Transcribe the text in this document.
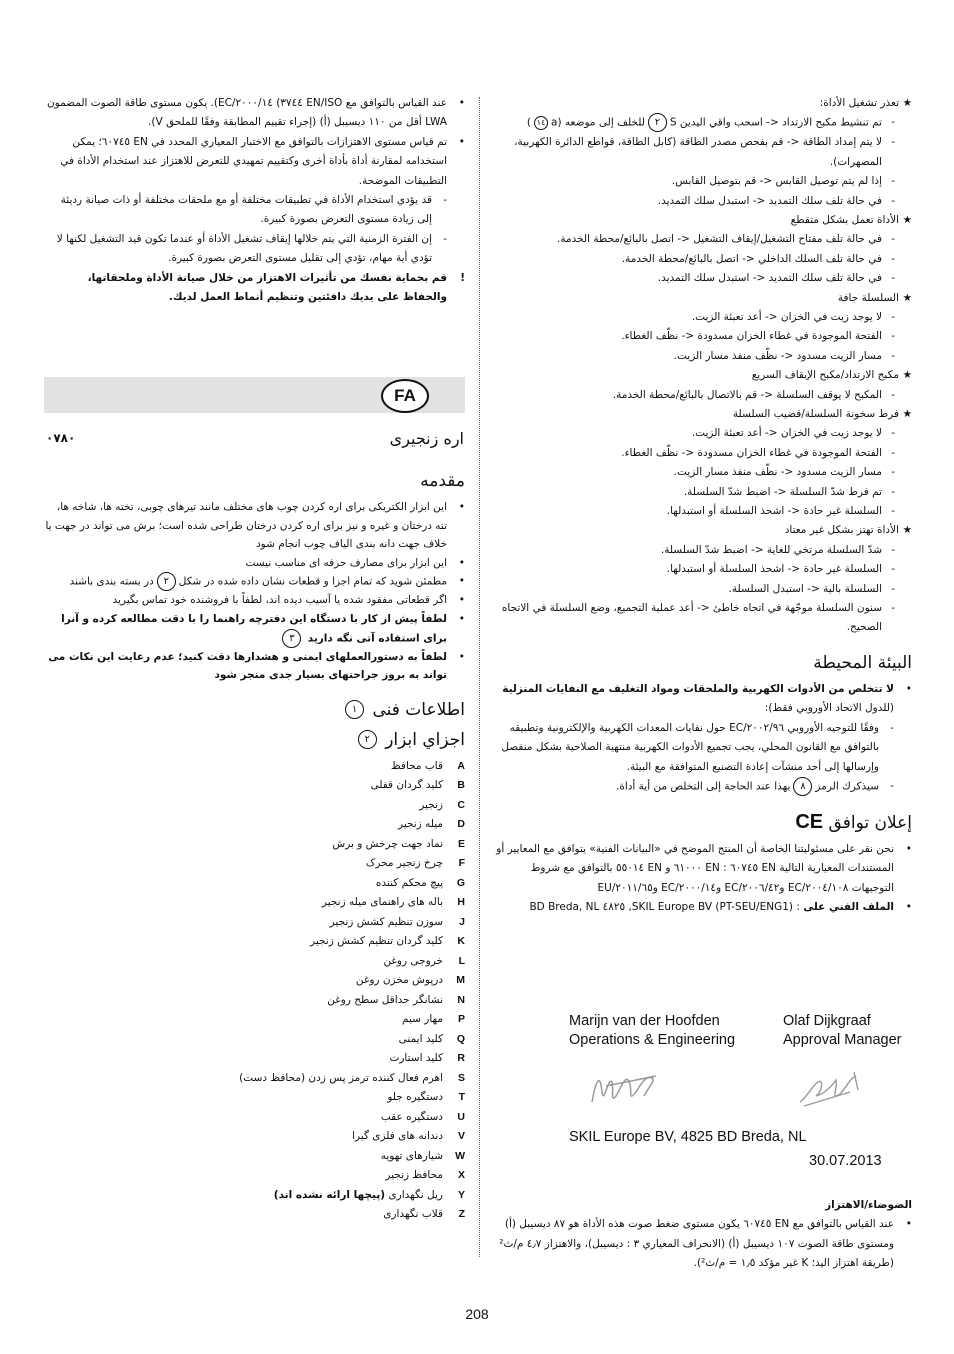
★
تعذر تشغيل الأداة:
-
تم تنشيط مكبح الارتداد <- اسحب واقي اليدين S٢للخلف إلى موضعه (a١٤)
-
لا يتم إمداد الطاقة <- قم بفحص مصدر الطاقة (كابل الطاقة، قواطع الدائرة الكهربية، المصهرات).
-
إذا لم يتم توصيل القابس <- قم بتوصيل القابس.
-
في حالة تلف سلك التمديد <- استبدل سلك التمديد.
★
الأداة تعمل بشكل متقطع
-
في حالة تلف مفتاح التشغيل/إيقاف التشغيل <- اتصل بالبائع/محطة الخدمة.
-
في حالة تلف السلك الداخلي <- اتصل بالبائع/محطة الخدمة.
-
في حالة تلف سلك التمديد <- استبدل سلك التمديد.
★
السلسلة جافة
-
لا يوجد زيت في الخزان <- أعد تعبئة الزيت.
-
الفتحة الموجودة في غطاء الخزان مسدودة <- نظّف الغطاء.
-
مسار الزيت مسدود <- نظّف منفذ مسار الزيت.
★
مكبح الارتداد/مكبح الإيقاف السريع
-
المكبح لا يوقف السلسلة <- قم بالاتصال بالبائع/محطة الخدمة.
★
فرط سخونة السلسلة/قضيب السلسلة
-
لا يوجد زيت في الخزان <- أعد تعبئة الزيت.
-
الفتحة الموجودة في غطاء الخزان مسدودة <- نظّف الغطاء.
-
مسار الزيت مسدود <- نظّف منفذ مسار الزيت.
-
تم فرط شدّ السلسلة <- اضبط شدّ السلسلة.
-
السلسلة غير حادة <- اشحذ السلسلة أو استبدلها.
★
الأداة تهتز بشكل غير معتاد
-
شدّ السلسلة مرتخي للغاية <- اضبط شدّ السلسلة.
-
السلسلة غير حادة <- اشحذ السلسلة أو استبدلها.
-
السلسلة بالية <- استبدل السلسلة.
-
سنون السلسلة موجّهة في اتجاه خاطئ <- أعد عملية التجميع، وضع السلسلة في الاتجاه الصحيح.
البيئة المحيطة
•
لا تتخلص من الأدوات الكهربية والملحقات ومواد التغليف مع النفايات المنزلية (للدول الاتحاد الأوروبي فقط):
-
وفقًا للتوجيه الأوروبي ٢٠٠٢/٩٦/EC حول نفايات المعدات الكهربية والإلكترونية وتطبيقه بالتوافق مع القانون المحلي، يجب تجميع الأدوات الكهربية منتهية الصلاحية بشكل منفصل وإرسالها إلى أحد منشآت إعادة التصنيع المتوافقة مع البيئة.
-
سيذكرك الرمز٨بهذا عند الحاجة إلى التخلص من أية أداة.
إعلان توافق CE
•
نحن نقر على مسئوليتنا الخاصة أن المنتج الموضح في «البيانات الفنية» يتوافق مع المعايير أو المستندات المعيارية التالية EN ٦٠٧٤٥ : EN ٦١٠٠٠ و EN ٥٥٠١٤ بالتوافق مع شروط التوجيهات ٢٠٠٤/١٠٨/EC و٢٠٠٦/٤٢/EC و٢٠٠٠/١٤/EC و٢٠١١/٦٥/EU
•
الملف الفني على : SKIL Europe BV (PT-SEU/ENG1), ٤٨٢٥ BD Breda, NL
Marijn van der Hoofden
Operations & Engineering
Olaf Dijkgraaf
Approval Manager
SKIL Europe BV, 4825 BD Breda, NL
30.07.2013
الضوضاء/الاهتزاز
•
عند القياس بالتوافق مع EN ٦٠٧٤٥ يكون مستوى ضغط صوت هذه الأداة هو ٨٧ ديسيبل (أ) ومستوى طاقة الصوت ١٠٧ ديسيبل (أ) (الانحراف المعياري ٣ : ديسيبل)، والاهتزاز ٤٫٧ م/ث² (طريقة اهتزاز اليد؛ K غير مؤكد ١٫٥ = م/ث²).
•
عند القياس بالتوافق مع EN/ISO ٣٧٤٤) ٢٠٠٠/١٤/EC). يكون مستوى طاقة الصوت المضمون LWA أقل من ١١٠ ديسيبل (أ) (إجراء تقييم المطابقة وفقًا للملحق V).
•
تم قياس مستوى الاهتزازات بالتوافق مع الاختبار المعياري المحدد في EN ٦٠٧٤٥؛ يمكن استخدامه لمقارنة أداة بأداة أخرى وكتقييم تمهيدي للتعرض للاهتزاز عند استخدام الأداة في التطبيقات الموضحة.
-
قد يؤدي استخدام الأداة في تطبيقات مختلفة أو مع ملحقات مختلفة أو ذات صيانة رديئة إلى زيادة مستوى التعرض بصورة كبيرة.
-
إن الفترة الزمنية التي يتم خلالها إيقاف تشغيل الأداة أو عندما تكون قيد التشغيل لكنها لا تؤدي أية مهام، تؤدي إلى تقليل مستوى التعرض بصورة كبيرة.
!
قم بحماية نفسك من تأثيرات الاهتزاز من خلال صيانة الأداة وملحقاتها، والحفاظ على يديك دافئتين وتنظيم أنماط العمل لديك.
FA
اره زنجیری
۰۷۸۰
مقدمه
•
این ابزار الکتریکی برای اره کردن چوب های مختلف مانند تیرهای چوبی، تخته ها، شاخه ها، تنه درختان و غیره و نیز برای اره کردن درختان طراحی شده است؛ برش می تواند در جهت یا خلاف جهت دانه بندی الیاف چوب انجام شود
•
این ابزار برای مصارف حرفه ای مناسب نیست
•
مطمئن شوید که تمام اجزا و قطعات نشان داده شده در شکل٢در بسته بندی باشند
•
اگر قطعاتی مفقود شده یا آسیب دیده اند، لطفاً با فروشنده خود تماس بگیرید
•
لطفاً پیش از کار با دستگاه این دفترچه راهنما را با دقت مطالعه کرده و آنرا برای استفاده آتی نگه دارید ٣
•
لطفاً به دستورالعملهای ایمنی و هشدارها دقت کنید؛ عدم رعایت این نکات می تواند به بروز جراحتهای بسیار جدی منجر شود
اطلاعات فنی ١
اجزاي ابزار ٢
A
قاب محافظ
B
کلید گردان قفلی
C
زنجیر
D
میله زنجیر
E
نماد جهت چرخش و برش
F
چرخ زنجیر محرک
G
پیچ محکم کننده
H
باله های راهنمای میله زنجیر
J
سوزن تنظیم کشش زنجیر
K
کلید گردان تنظیم کشش زنجیر
L
خروجی روغن
M
درپوش مخزن روغن
N
نشانگر حداقل سطح روغن
P
مهار سیم
Q
کلید ایمنی
R
کلید استارت
S
اهرم فعال کننده ترمز پس زدن (محافظ دست)
T
دستگیره جلو
U
دستگیره عقب
V
دندانه های فلزی گیرا
W
شیارهای تهویه
X
محافظ زنجیر
Y
ریل نگهداری (پیچها ارائه نشده اند)
Z
قلاب نگهداری
208
